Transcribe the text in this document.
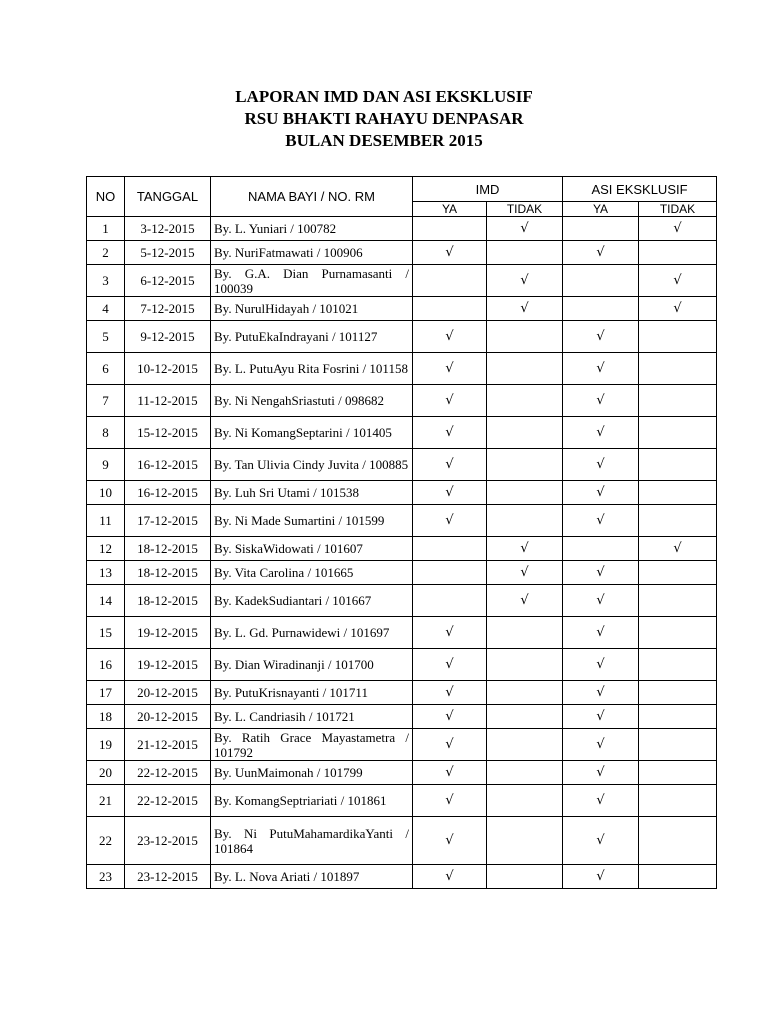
LAPORAN IMD DAN ASI EKSKLUSIF
RSU BHAKTI RAHAYU DENPASAR
BULAN DESEMBER 2015
NO	TANGGAL	NAMA BAYI / NO. RM	IMD		ASI EKSKLUSIF	
			YA	TIDAK	YA	TIDAK
1	3-12-2015	By. L. Yuniari / 100782		√		√
2	5-12-2015	By. NuriFatmawati / 100906	√		√	
3	6-12-2015	By. G.A. Dian Purnamasanti / 100039		√		√
4	7-12-2015	By. NurulHidayah / 101021		√		√
5	9-12-2015	By. PutuEkaIndrayani / 101127	√		√	
6	10-12-2015	By. L. PutuAyu Rita Fosrini / 101158	√		√	
7	11-12-2015	By. Ni NengahSriastuti / 098682	√		√	
8	15-12-2015	By. Ni KomangSeptarini / 101405	√		√	
9	16-12-2015	By. Tan Ulivia Cindy Juvita / 100885	√		√	
10	16-12-2015	By. Luh Sri Utami / 101538	√		√	
11	17-12-2015	By. Ni Made Sumartini / 101599	√		√	
12	18-12-2015	By. SiskaWidowati / 101607		√		√
13	18-12-2015	By. Vita Carolina / 101665		√	√	
14	18-12-2015	By. KadekSudiantari / 101667		√	√	
15	19-12-2015	By. L. Gd. Purnawidewi / 101697	√		√	
16	19-12-2015	By. Dian Wiradinanji / 101700	√		√	
17	20-12-2015	By. PutuKrisnayanti / 101711	√		√	
18	20-12-2015	By. L. Candriasih / 101721	√		√	
19	21-12-2015	By. Ratih Grace Mayastametra / 101792	√		√	
20	22-12-2015	By. UunMaimonah / 101799	√		√	
21	22-12-2015	By. KomangSeptriariati / 101861	√		√	
22	23-12-2015	By. Ni PutuMahamardikaYanti / 101864	√		√	
23	23-12-2015	By. L. Nova Ariati / 101897	√		√	
